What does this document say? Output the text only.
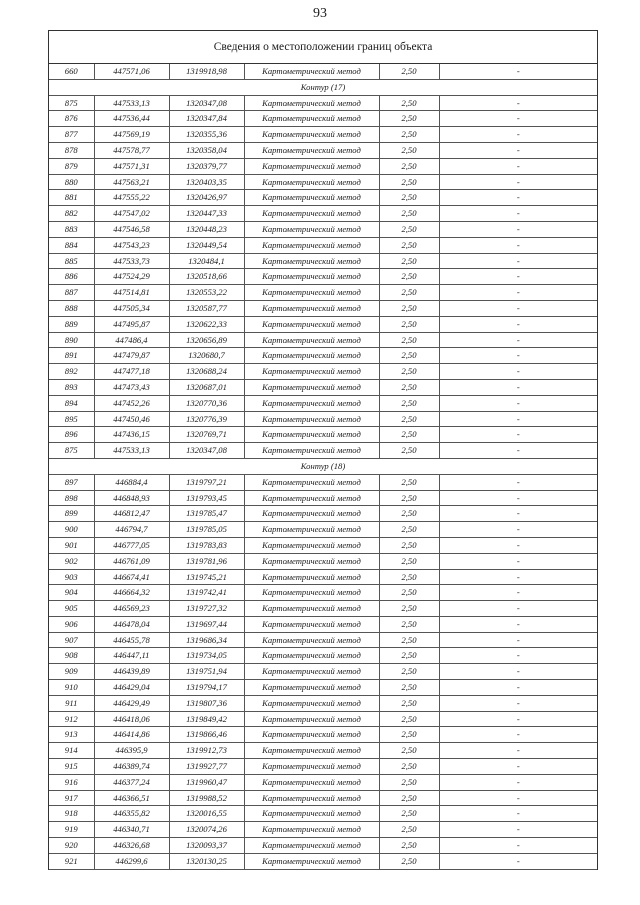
93
Сведения о местоположении границ объекта
660	447571,06	1319918,98	Картометрический метод	2,50	-
Контур (17)					
875	447533,13	1320347,08	Картометрический метод	2,50	-
876	447536,44	1320347,84	Картометрический метод	2,50	-
877	447569,19	1320355,36	Картометрический метод	2,50	-
878	447578,77	1320358,04	Картометрический метод	2,50	-
879	447571,31	1320379,77	Картометрический метод	2,50	-
880	447563,21	1320403,35	Картометрический метод	2,50	-
881	447555,22	1320426,97	Картометрический метод	2,50	-
882	447547,02	1320447,33	Картометрический метод	2,50	-
883	447546,58	1320448,23	Картометрический метод	2,50	-
884	447543,23	1320449,54	Картометрический метод	2,50	-
885	447533,73	1320484,1	Картометрический метод	2,50	-
886	447524,29	1320518,66	Картометрический метод	2,50	-
887	447514,81	1320553,22	Картометрический метод	2,50	-
888	447505,34	1320587,77	Картометрический метод	2,50	-
889	447495,87	1320622,33	Картометрический метод	2,50	-
890	447486,4	1320656,89	Картометрический метод	2,50	-
891	447479,87	1320680,7	Картометрический метод	2,50	-
892	447477,18	1320688,24	Картометрический метод	2,50	-
893	447473,43	1320687,01	Картометрический метод	2,50	-
894	447452,26	1320770,36	Картометрический метод	2,50	-
895	447450,46	1320776,39	Картометрический метод	2,50	-
896	447436,15	1320769,71	Картометрический метод	2,50	-
875	447533,13	1320347,08	Картометрический метод	2,50	-
Контур (18)					
897	446884,4	1319797,21	Картометрический метод	2,50	-
898	446848,93	1319793,45	Картометрический метод	2,50	-
899	446812,47	1319785,47	Картометрический метод	2,50	-
900	446794,7	1319785,05	Картометрический метод	2,50	-
901	446777,05	1319783,83	Картометрический метод	2,50	-
902	446761,09	1319781,96	Картометрический метод	2,50	-
903	446674,41	1319745,21	Картометрический метод	2,50	-
904	446664,32	1319742,41	Картометрический метод	2,50	-
905	446569,23	1319727,32	Картометрический метод	2,50	-
906	446478,04	1319697,44	Картометрический метод	2,50	-
907	446455,78	1319686,34	Картометрический метод	2,50	-
908	446447,11	1319734,05	Картометрический метод	2,50	-
909	446439,89	1319751,94	Картометрический метод	2,50	-
910	446429,04	1319794,17	Картометрический метод	2,50	-
911	446429,49	1319807,36	Картометрический метод	2,50	-
912	446418,06	1319849,42	Картометрический метод	2,50	-
913	446414,86	1319866,46	Картометрический метод	2,50	-
914	446395,9	1319912,73	Картометрический метод	2,50	-
915	446389,74	1319927,77	Картометрический метод	2,50	-
916	446377,24	1319960,47	Картометрический метод	2,50	-
917	446366,51	1319988,52	Картометрический метод	2,50	-
918	446355,82	1320016,55	Картометрический метод	2,50	-
919	446340,71	1320074,26	Картометрический метод	2,50	-
920	446326,68	1320093,37	Картометрический метод	2,50	-
921	446299,6	1320130,25	Картометрический метод	2,50	-
